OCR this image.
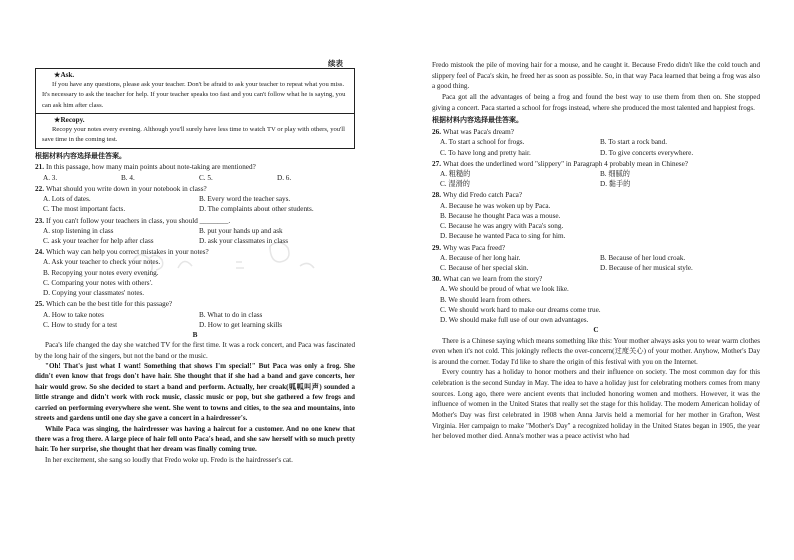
续表
★Ask.

If you have any questions, please ask your teacher. Don't be afraid to ask your teacher to repeat what you miss. It's necessary to ask the teacher for help. If your teacher speaks too fast and you can't follow what he is saying, you can ask him after class.

★Recopy.

Recopy your notes every evening. Although you'll surely have less time to watch TV or play with others, you'll save time in the coming test.

根据材料内容选择最佳答案。
21. In this passage, how many main points about note-taking are mentioned?
A. 3.	B. 4.	C. 5.	D. 6.
22. What should you write down in your notebook in class?
A. Lots of dates.	B. Every word the teacher says.
C. The most important facts.	D. The complaints about other students.
23. If you can't follow your teachers in class, you should ________.
A. stop listening in class	B. put your hands up and ask
C. ask your teacher for help after class	D. ask your classmates in class
24. Which way can help you correct mistakes in your notes?
A. Ask your teacher to check your notes.
B. Recopying your notes every evening.
C. Comparing your notes with others'.
D. Copying your classmates' notes.
25. Which can be the best title for this passage?
A. How to take notes	B. What to do in class
C. How to study for a test	D. How to get learning skills
B

Paca's life changed the day she watched TV for the first time. It was a rock concert, and Paca was fascinated by the long hair of the singers, but not the band or the music.

"Oh! That's just what I want! Something that shows I'm special!" But Paca was only a frog. She didn't even know that frogs don't have hair. She thought that if she had a band and gave concerts, her hair would grow. So she decided to start a band and perform. Actually, her croak(呱呱叫声) sounded a little strange and didn't work with rock music, classic music or pop, but she gathered a few frogs and carried on performing everywhere she went. She went to towns and cities, to the sea and mountains, into streets and gardens until one day she gave a concert in a hairdresser's.

While Paca was singing, the hairdresser was having a haircut for a customer. And no one knew that there was a frog there. A large piece of hair fell onto Paca's head, and she saw herself with so much pretty hair. To her surprise, she thought that her dream was finally coming true.

In her excitement, she sang so loudly that Fredo woke up. Fredo is the hairdresser's cat.

Fredo mistook the pile of moving hair for a mouse, and he caught it. Because Fredo didn't like the cold touch and slippery feel of Paca's skin, he freed her as soon as possible. So, in that way Paca learned that being a frog was also a good thing.

Paca got all the advantages of being a frog and found the best way to use them from then on. She stopped giving a concert. Paca started a school for frogs instead, where she produced the most talented and happiest frogs.

根据材料内容选择最佳答案。
26. What was Paca's dream?
A. To start a school for frogs.	B. To start a rock band.
C. To have long and pretty hair.	D. To give concerts everywhere.
27. What does the underlined word "slippery" in Paragraph 4 probably mean in Chinese?
A. 粗糙的	B. 细腻的
C. 湿滑的	D. 黏手的
28. Why did Fredo catch Paca?
A. Because he was woken up by Paca.
B. Because he thought Paca was a mouse.
C. Because he was angry with Paca's song.
D. Because he wanted Paca to sing for him.
29. Why was Paca freed?
A. Because of her long hair.	B. Because of her loud croak.
C. Because of her special skin.	D. Because of her musical style.
30. What can we learn from the story?
A. We should be proud of what we look like.
B. We should learn from others.
C. We should work hard to make our dreams come true.
D. We should make full use of our own advantages.
C

There is a Chinese saying which means something like this: Your mother always asks you to wear warm clothes even when it's not cold. This jokingly reflects the over-concern(过度关心) of your mother. Anyhow, Mother's Day is around the corner. Today I'd like to share the origin of this festival with you on the Internet.

Every country has a holiday to honor mothers and their influence on society. The most common day for this celebration is the second Sunday in May. The idea to have a holiday just for celebrating mothers comes from many sources. Long ago, there were ancient events that included honoring women and mothers. However, it was the influence of women in the United States that really set the stage for this holiday. The modern American holiday of Mother's Day was first celebrated in 1908 when Anna Jarvis held a memorial for her mother in Grafton, West Virginia. Her campaign to make "Mother's Day" a recognized holiday in the United States began in 1905, the year her beloved mother died. Anna's mother was a peace activist who had
